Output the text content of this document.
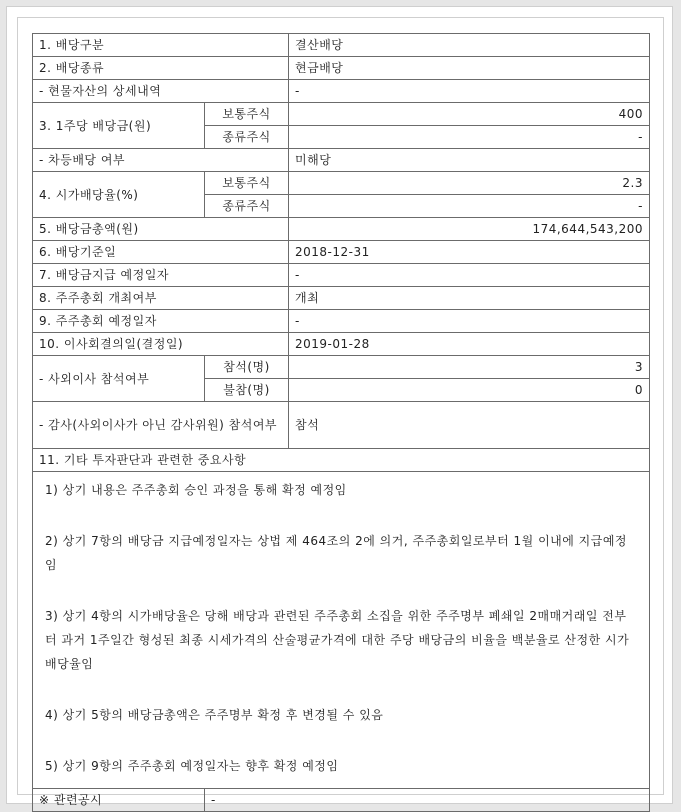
1. 배당구분		결산배당
2. 배당종류		현금배당
- 현물자산의 상세내역		-
3. 1주당 배당금(원)	보통주식	400
	종류주식	-
- 차등배당 여부		미해당
4. 시가배당율(%)	보통주식	2.3
	종류주식	-
5. 배당금총액(원)		174,644,543,200
6. 배당기준일		2018-12-31
7. 배당금지급 예정일자		-
8. 주주총회 개최여부		개최
9. 주주총회 예정일자		-
10. 이사회결의일(결정일)		2019-01-28
- 사외이사 참석여부	참석(명)	3
	불참(명)	0
- 감사(사외이사가 아닌 감사위원) 참석여부		참석
11. 기타 투자판단과 관련한 중요사항		

1) 상기 내용은 주주총회 승인 과정을 통해 확정 예정임

2) 상기 7항의 배당금 지급예정일자는 상법 제 464조의 2에 의거, 주주총회일로부터 1월 이내에 지급예정임

3) 상기 4항의 시가배당율은 당해 배당과 관련된 주주총회 소집을 위한 주주명부 폐쇄일 2매매거래일 전부터 과거 1주일간 형성된 최종 시세가격의 산술평균가격에 대한 주당 배당금의 비율을 백분율로 산정한 시가배당율임

4) 상기 5항의 배당금총액은 주주명부 확정 후 변경될 수 있음

5) 상기 9항의 주주총회 예정일자는 향후 확정 예정임		

※ 관련공시	-	
